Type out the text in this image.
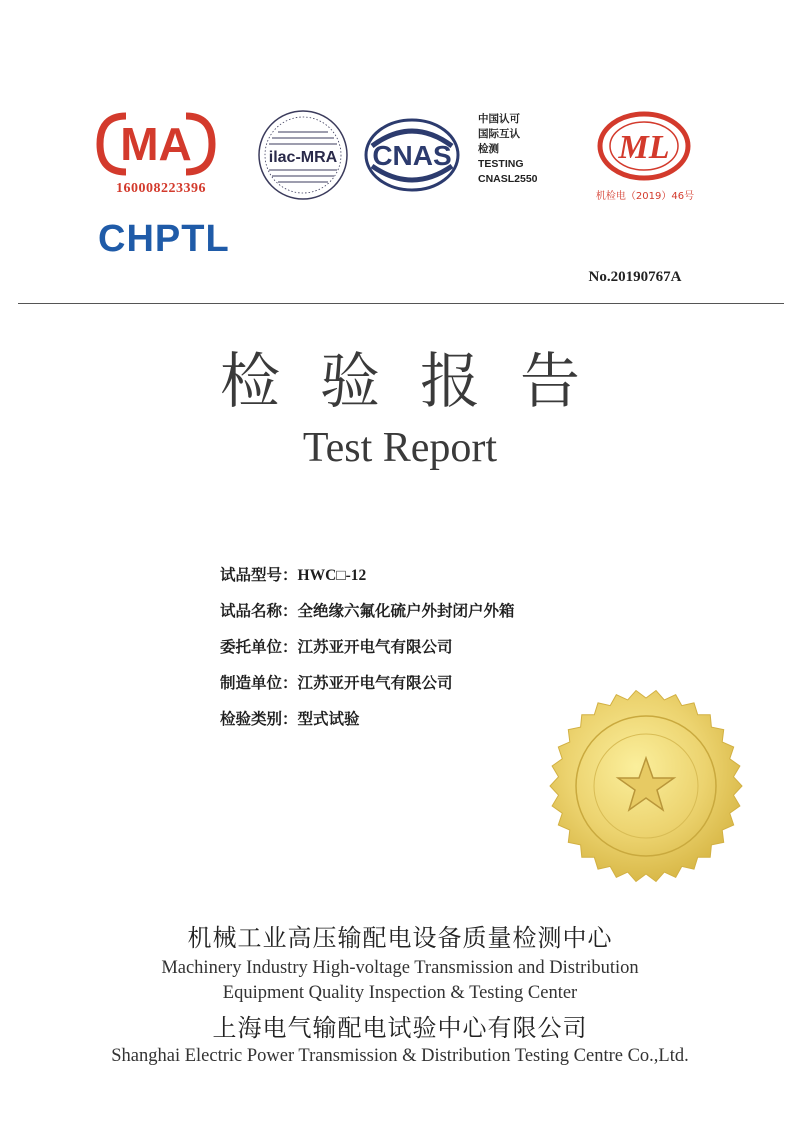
MA
160008223396
CHPTL
ilac-MRA CNAS
中国认可
国际互认
检测
TESTING
CNASL2550
ML
机检电（2019）46号
No.20190767A
检验报告
Test Report
试品型号：HWC□-12
试品名称：全绝缘六氟化硫户外封闭户外箱
委托单位：江苏亚开电气有限公司
制造单位：江苏亚开电气有限公司
检验类别：型式试验
机械工业高压输配电设备质量检测中心
Machinery Industry High-voltage Transmission and Distribution
Equipment Quality Inspection & Testing Center
上海电气输配电试验中心有限公司
Shanghai Electric Power Transmission & Distribution Testing Centre Co.,Ltd.
